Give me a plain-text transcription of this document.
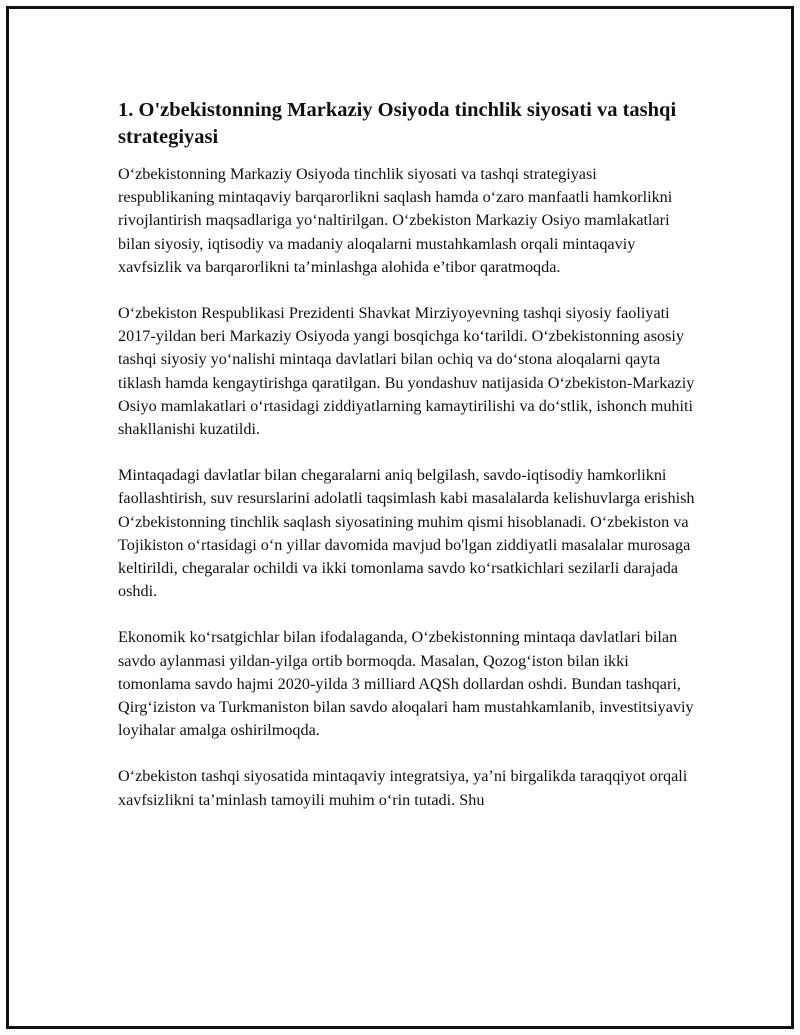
1. O'zbekistonning Markaziy Osiyoda tinchlik siyosati va tashqi strategiyasi

O‘zbekistonning Markaziy Osiyoda tinchlik siyosati va tashqi strategiyasi respublikaning mintaqaviy barqarorlikni saqlash hamda o‘zaro manfaatli hamkorlikni rivojlantirish maqsadlariga yo‘naltirilgan. O‘zbekiston Markaziy Osiyo mamlakatlari bilan siyosiy, iqtisodiy va madaniy aloqalarni mustahkamlash orqali mintaqaviy xavfsizlik va barqarorlikni ta’minlashga alohida e’tibor qaratmoqda.

O‘zbekiston Respublikasi Prezidenti Shavkat Mirziyoyevning tashqi siyosiy faoliyati 2017-yildan beri Markaziy Osiyoda yangi bosqichga ko‘tarildi. O‘zbekistonning asosiy tashqi siyosiy yo‘nalishi mintaqa davlatlari bilan ochiq va do‘stona aloqalarni qayta tiklash hamda kengaytirishga qaratilgan. Bu yondashuv natijasida O‘zbekiston-Markaziy Osiyo mamlakatlari o‘rtasidagi ziddiyatlarning kamaytirilishi va do‘stlik, ishonch muhiti shakllanishi kuzatildi.

Mintaqadagi davlatlar bilan chegaralarni aniq belgilash, savdo-iqtisodiy hamkorlikni faollashtirish, suv resurslarini adolatli taqsimlash kabi masalalarda kelishuvlarga erishish O‘zbekistonning tinchlik saqlash siyosatining muhim qismi hisoblanadi. O‘zbekiston va Tojikiston o‘rtasidagi o‘n yillar davomida mavjud bo'lgan ziddiyatli masalalar murosaga keltirildi, chegaralar ochildi va ikki tomonlama savdo ko‘rsatkichlari sezilarli darajada oshdi.

Ekonomik ko‘rsatgichlar bilan ifodalaganda, O‘zbekistonning mintaqa davlatlari bilan savdo aylanmasi yildan-yilga ortib bormoqda. Masalan, Qozog‘iston bilan ikki tomonlama savdo hajmi 2020-yilda 3 milliard AQSh dollardan oshdi. Bundan tashqari, Qirg‘iziston va Turkmaniston bilan savdo aloqalari ham mustahkamlanib, investitsiyaviy loyihalar amalga oshirilmoqda.

O‘zbekiston tashqi siyosatida mintaqaviy integratsiya, ya’ni birgalikda taraqqiyot orqali xavfsizlikni ta’minlash tamoyili muhim o‘rin tutadi. Shu
